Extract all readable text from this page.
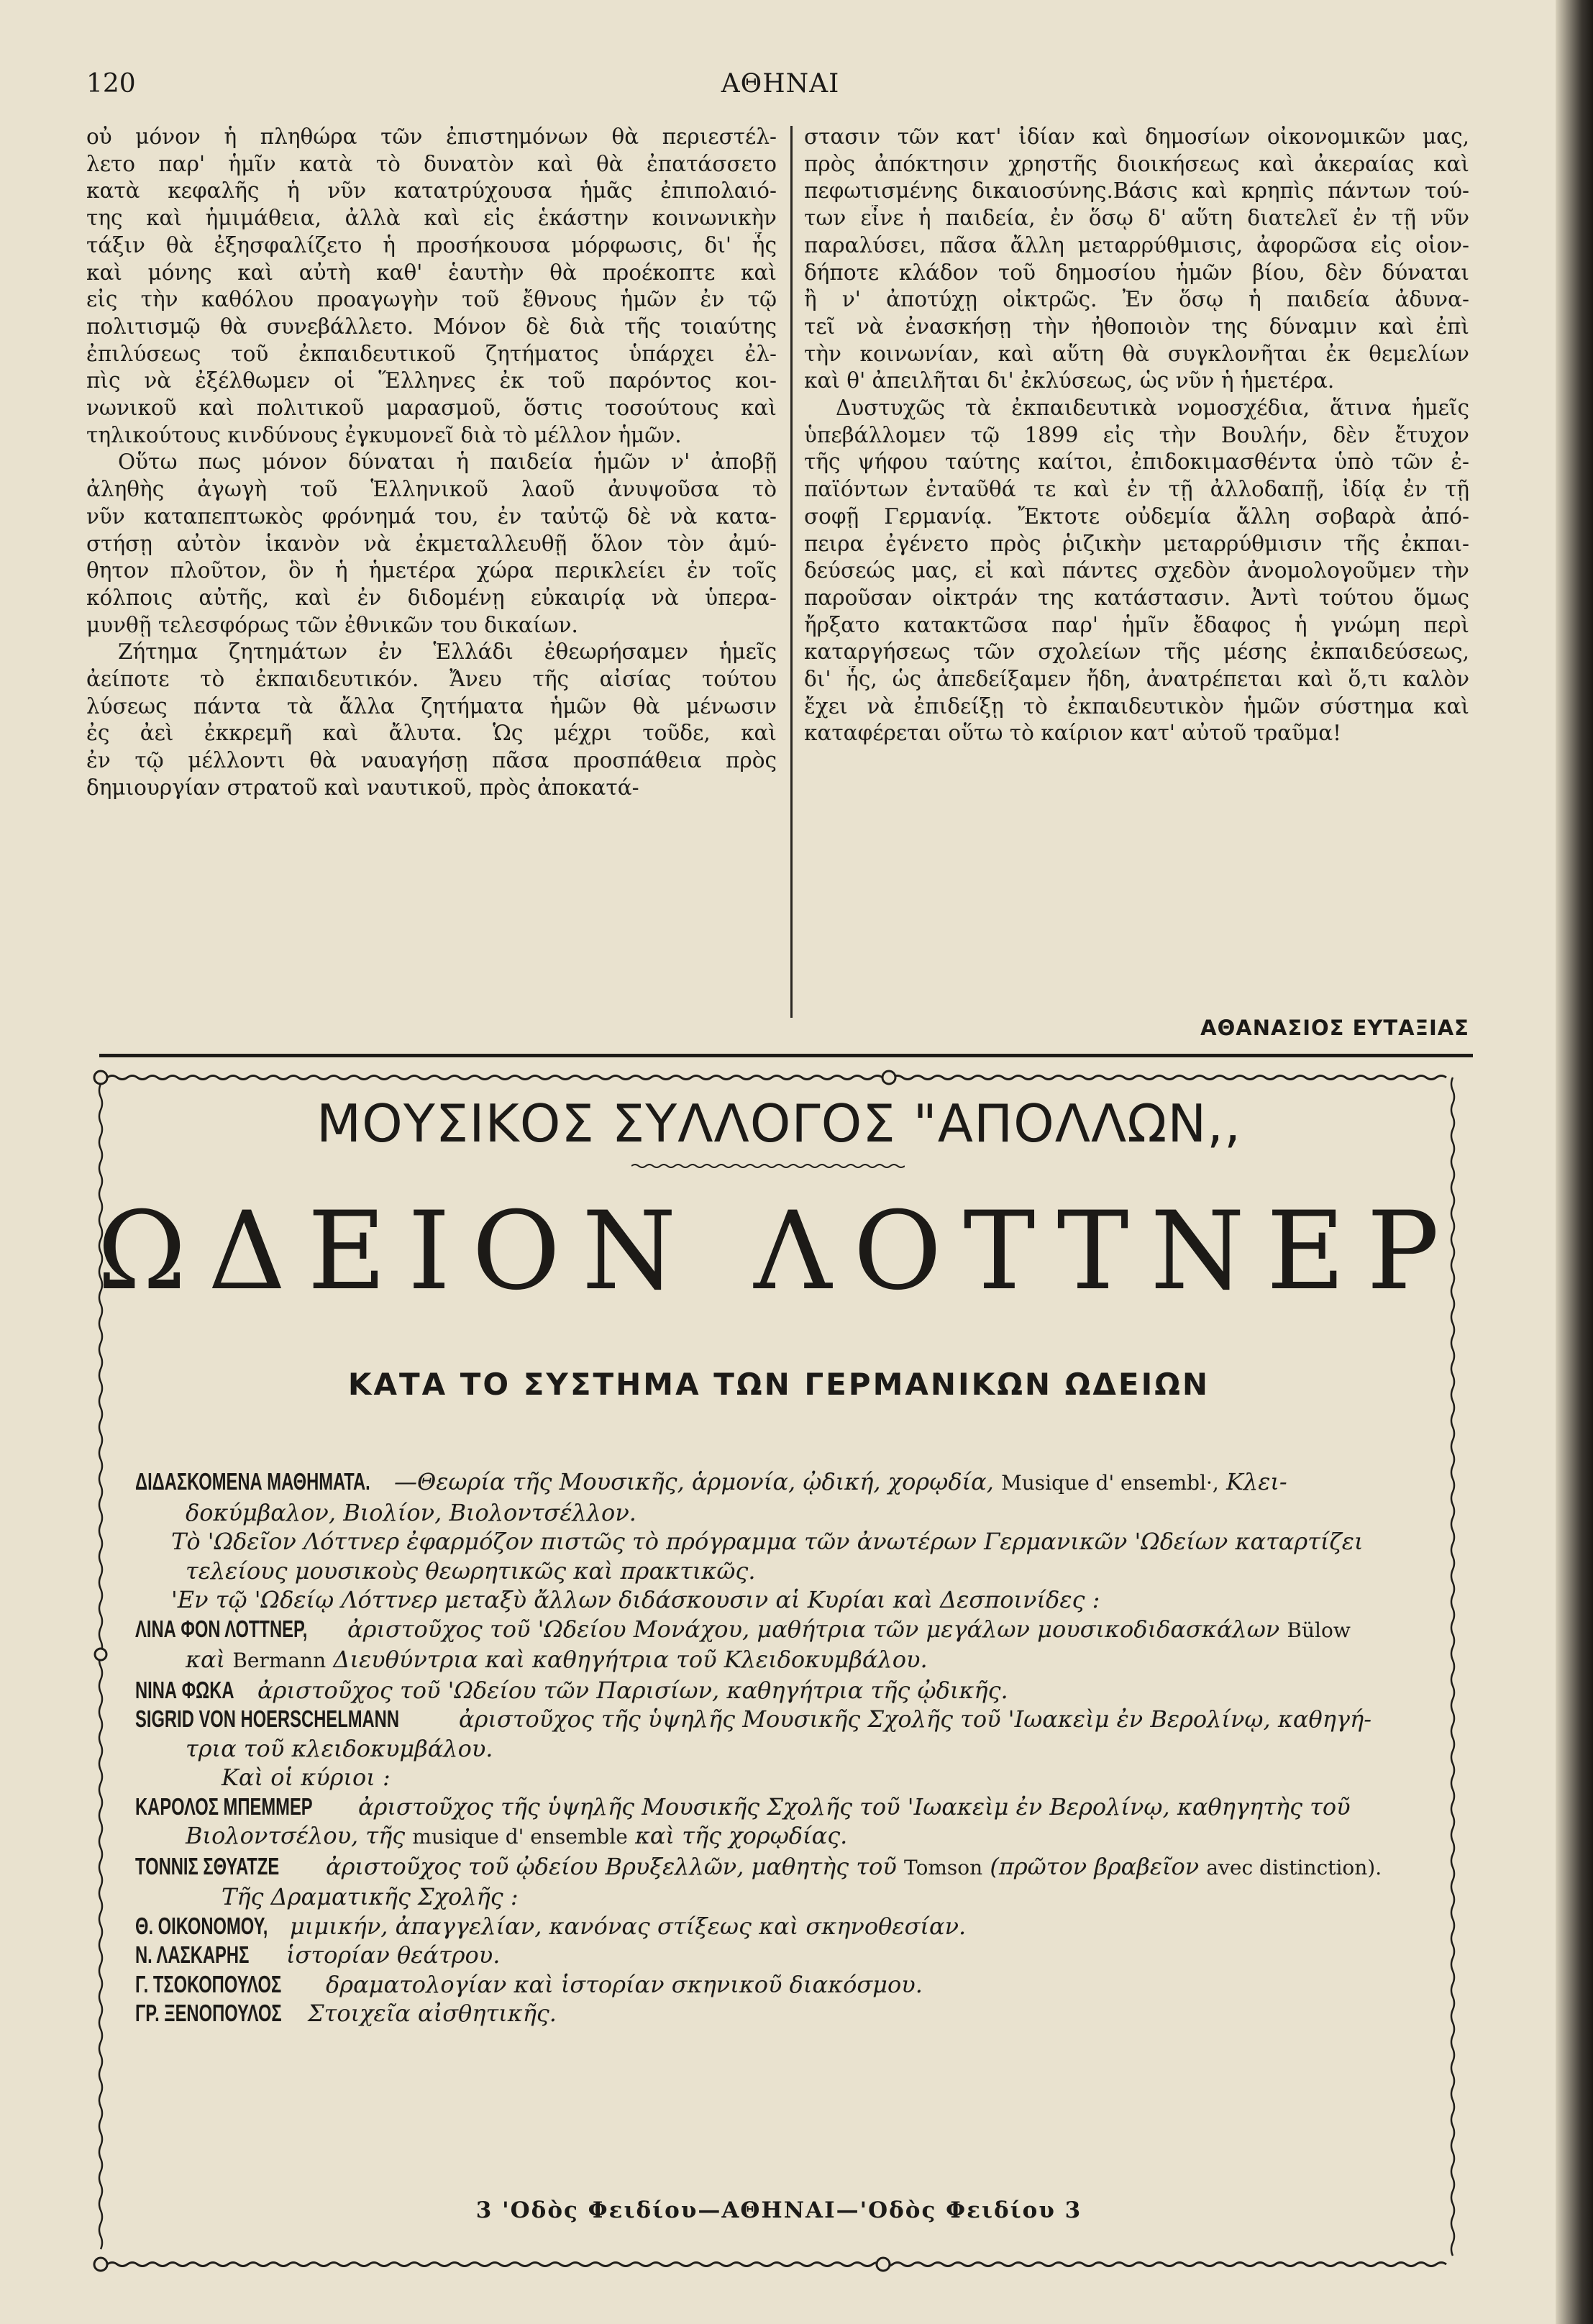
120	ΑΘΗΝΑΙ
οὐ μόνον ἡ πληθώρα τῶν ἐπιστημόνων θὰ περιεστέλ-
λετο παρ' ἡμῖν κατὰ τὸ δυνατὸν καὶ θὰ ἐπατάσσετο
κατὰ κεφαλῆς ἡ νῦν κατατρύχουσα ἡμᾶς ἐπιπολαιό-
της καὶ ἡμιμάθεια, ἀλλὰ καὶ εἰς ἑκάστην κοινωνικὴν
τάξιν θὰ ἐξησφαλίζετο ἡ προσήκουσα μόρφωσις, δι' ἧς
καὶ μόνης καὶ αὐτὴ καθ' ἑαυτὴν θὰ προέκοπτε καὶ
εἰς τὴν καθόλου προαγωγὴν τοῦ ἔθνους ἡμῶν ἐν τῷ
πολιτισμῷ θὰ συνεβάλλετο. Μόνον δὲ διὰ τῆς τοιαύτης
ἐπιλύσεως τοῦ ἐκπαιδευτικοῦ ζητήματος ὑπάρχει ἐλ-
πὶς νὰ ἐξέλθωμεν οἱ Ἕλληνες ἐκ τοῦ παρόντος κοι-
νωνικοῦ καὶ πολιτικοῦ μαρασμοῦ, ὅστις τοσούτους καὶ
τηλικούτους κινδύνους ἐγκυμονεῖ διὰ τὸ μέλλον ἡμῶν.
Οὕτω πως μόνον δύναται ἡ παιδεία ἡμῶν ν' ἀποβῇ
ἀληθὴς ἀγωγὴ τοῦ Ἑλληνικοῦ λαοῦ ἀνυψοῦσα τὸ
νῦν καταπεπτωκὸς φρόνημά του, ἐν ταὐτῷ δὲ νὰ κατα-
στήσῃ αὐτὸν ἱκανὸν νὰ ἐκμεταλλευθῇ ὅλον τὸν ἀμύ-
θητον πλοῦτον, ὃν ἡ ἡμετέρα χώρα περικλείει ἐν τοῖς
κόλποις αὐτῆς, καὶ ἐν διδομένῃ εὐκαιρίᾳ νὰ ὑπερα-
μυνθῇ τελεσφόρως τῶν ἐθνικῶν του δικαίων.
Ζήτημα ζητημάτων ἐν Ἑλλάδι ἐθεωρήσαμεν ἡμεῖς
ἀείποτε τὸ ἐκπαιδευτικόν. Ἄνευ τῆς αἰσίας τούτου
λύσεως πάντα τὰ ἄλλα ζητήματα ἡμῶν θὰ μένωσιν
ἐς ἀεὶ ἐκκρεμῆ καὶ ἄλυτα. Ὡς μέχρι τοῦδε, καὶ
ἐν τῷ μέλλοντι θὰ ναυαγήσῃ πᾶσα προσπάθεια πρὸς
δημιουργίαν στρατοῦ καὶ ναυτικοῦ, πρὸς ἀποκατά-
στασιν τῶν κατ' ἰδίαν καὶ δημοσίων οἰκονομικῶν μας,
πρὸς ἀπόκτησιν χρηστῆς διοικήσεως καὶ ἀκεραίας καὶ
πεφωτισμένης δικαιοσύνης.Βάσις καὶ κρηπὶς πάντων τού-
των εἶνε ἡ παιδεία, ἐν ὅσῳ δ' αὕτη διατελεῖ ἐν τῇ νῦν
παραλύσει, πᾶσα ἄλλη μεταρρύθμισις, ἀφορῶσα εἰς οἱον-
δήποτε κλάδον τοῦ δημοσίου ἡμῶν βίου, δὲν δύναται
ἢ ν' ἀποτύχῃ οἰκτρῶς. Ἐν ὅσῳ ἡ παιδεία ἀδυνα-
τεῖ νὰ ἐνασκήσῃ τὴν ἠθοποιὸν της δύναμιν καὶ ἐπὶ
τὴν κοινωνίαν, καὶ αὕτη θὰ συγκλονῆται ἐκ θεμελίων
καὶ θ' ἀπειλῆται δι' ἐκλύσεως, ὡς νῦν ἡ ἡμετέρα.
Δυστυχῶς τὰ ἐκπαιδευτικὰ νομοσχέδια, ἅτινα ἡμεῖς
ὑπεβάλλομεν τῷ 1899 εἰς τὴν Βουλήν, δὲν ἔτυχον
τῆς ψήφου ταύτης καίτοι, ἐπιδοκιμασθέντα ὑπὸ τῶν ἐ-
παϊόντων ἐνταῦθά τε καὶ ἐν τῇ ἀλλοδαπῇ, ἰδίᾳ ἐν τῇ
σοφῇ Γερμανίᾳ. Ἔκτοτε οὐδεμία ἄλλη σοβαρὰ ἀπό-
πειρα ἐγένετο πρὸς ῥιζικὴν μεταρρύθμισιν τῆς ἐκπαι-
δεύσεώς μας, εἰ καὶ πάντες σχεδὸν ἀνομολογοῦμεν τὴν
παροῦσαν οἰκτράν της κατάστασιν. Ἀντὶ τούτου ὅμως
ἤρξατο κατακτῶσα παρ' ἡμῖν ἔδαφος ἡ γνώμη περὶ
καταργήσεως τῶν σχολείων τῆς μέσης ἐκπαιδεύσεως,
δι' ἧς, ὡς ἀπεδείξαμεν ἤδη, ἀνατρέπεται καὶ ὅ,τι καλὸν
ἔχει νὰ ἐπιδείξῃ τὸ ἐκπαιδευτικὸν ἡμῶν σύστημα καὶ
καταφέρεται οὕτω τὸ καίριον κατ' αὐτοῦ τραῦμα!
ΑΘΑΝΑΣΙΟΣ ΕΥΤΑΞΙΑΣ
ΜΟΥΣΙΚΟΣ ΣΥΛΛΟΓΟΣ "ΑΠΟΛΛΩΝ,,
ΩΔΕΙΟΝ ΛΟΤΤΝΕΡ
ΚΑΤΑ ΤΟ ΣΥΣΤΗΜΑ ΤΩΝ ΓΕΡΜΑΝΙΚΩΝ ΩΔΕΙΩΝ
ΔΙΔΑΣΚΟΜΕΝΑ ΜΑΘΗΜΑΤΑ. —Θεωρία τῆς Μουσικῆς, ἁρμονία, ᾠδική, χορῳδία, Musique d' ensembl·, Κλει-
δοκύμβαλον, Βιολίον, Βιολοντσέλλον.
Τὸ 'Ωδεῖον Λόττνερ ἐφαρμόζον πιστῶς τὸ πρόγραμμα τῶν ἀνωτέρων Γερμανικῶν 'Ωδείων καταρτίζει
τελείους μουσικοὺς θεωρητικῶς καὶ πρακτικῶς.
'Εν τῷ 'Ωδείῳ Λόττνερ μεταξὺ ἄλλων διδάσκουσιν αἱ Κυρίαι καὶ Δεσποινίδες :
ΛΙΝΑ ΦΟΝ ΛΟΤΤΝΕΡ, ἀριστοῦχος τοῦ 'Ωδείου Μονάχου, μαθήτρια τῶν μεγάλων μουσικοδιδασκάλων Bülow
καὶ Bermann Διευθύντρια καὶ καθηγήτρια τοῦ Κλειδοκυμβάλου.
ΝΙΝΑ ΦΩΚΑ ἀριστοῦχος τοῦ 'Ωδείου τῶν Παρισίων, καθηγήτρια τῆς ᾠδικῆς.
SIGRID VON HOERSCHELMANN	ἀριστοῦχος τῆς ὑψηλῆς Μουσικῆς Σχολῆς τοῦ 'Ιωακεὶμ ἐν Βερολίνῳ, καθηγή-
τρια τοῦ κλειδοκυμβάλου.
Καὶ οἱ κύριοι :
ΚΑΡΟΛΟΣ ΜΠΕΜΜΕΡ ἀριστοῦχος τῆς ὑψηλῆς Μουσικῆς Σχολῆς τοῦ 'Ιωακεὶμ ἐν Βερολίνῳ, καθηγητὴς τοῦ
Βιολοντσέλου, τῆς musique d' ensemble καὶ τῆς χορῳδίας.
ΤΟΝΝΙΣ ΣΘΥΑΤΖΕ ἀριστοῦχος τοῦ ᾠδείου Βρυξελλῶν, μαθητὴς τοῦ Tomson (πρῶτον βραβεῖον avec distinction).
Τῆς Δραματικῆς Σχολῆς :
Θ. ΟΙΚΟΝΟΜΟΥ, μιμικήν, ἀπαγγελίαν, κανόνας στίξεως καὶ σκηνοθεσίαν.
Ν. ΛΑΣΚΑΡΗΣ ἱστορίαν θεάτρου.
Γ. ΤΣΟΚΟΠΟΥΛΟΣ δραματολογίαν καὶ ἱστορίαν σκηνικοῦ διακόσμου.
ΓΡ. ΞΕΝΟΠΟΥΛΟΣ Στοιχεῖα αἰσθητικῆς.
3 'Οδὸς Φειδίου—ΑΘΗΝΑΙ—'Οδὸς Φειδίου 3
